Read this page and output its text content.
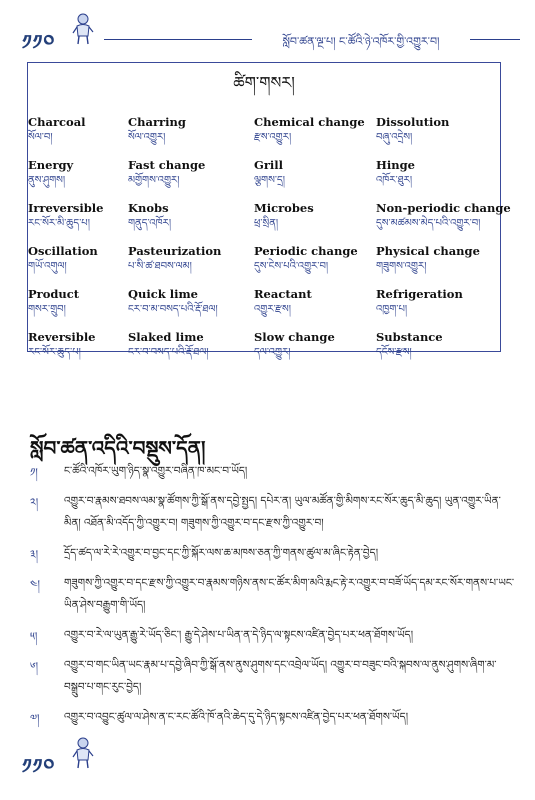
༡༡༠	སློབ་ཚན་ལྔ་པ། ང་ཚོའི་ཉེ་འཁོར་གྱི་འགྱུར་བ།
ཚིག་གསར།
Charcoal
སོལ་བ།
Charring
སོལ་འགྱུར།
Chemical change
རྫས་འགྱུར།
Dissolution
བཞུ་འདྲེས།
Energy
ནུས་ཤུགས།
Fast change
མགྱོགས་འགྱུར།
Grill
ལྕགས་དྲ།
Hinge
འཁོར་ཐུར།
Irreversible
རང་སོར་མི་ཆུད་པ།
Knobs
གནུད་འཁོར།
Microbes
ཕྲ་སྲིན།
Non-periodic change
དུས་མཚམས་མེད་པའི་འགྱུར་བ།
Oscillation
གཡོ་འགུལ།
Pasteurization
པ་སི་ཚ་ཐབས་ལམ།
Periodic change
དུས་ངེས་པའི་འགྱུར་བ།
Physical change
གཟུགས་འགྱུར།
Product
གསར་གྲུབ།
Quick lime
ངར་བ་མ་བསད་པའི་རྡོ་ཐལ།
Reactant
འགྱུར་རྫས།
Refrigeration
འཁྱག་པ།
Reversible
རང་སོར་ཆུད་པ།
Slaked lime
ངར་བ་བསད་པའི་རྡོ་ཐལ།
Slow change
དལ་འགྱུར།
Substance
དངོས་རྫས།
སློབ་ཚན་འདིའི་བསྡུས་དོན།
༡། ང་ཚོའི་འཁོར་ཡུག་ཉིད་སྣ་འགྱུར་བཞིན་ཁ་མང་བ་ཡོད།
༢། འགྱུར་བ་རྣམས་ཐབས་ལམ་སྣ་ཚོགས་ཀྱི་སྒོ་ནས་དབྱེ་སྤྱད། དཔེར་ན། ཡུལ་མཚོན་གྱི་མིགས་རང་སོར་ཆུད་མི་ཆུད། ཡུན་འགྱུར་ཡིན་མིན། འཐོན་མི་འདོད་ཀྱི་འགྱུར་བ། གཟུགས་ཀྱི་འགྱུར་བ་དང་རྫས་ཀྱི་འགྱུར་བ།
༣། དྲོད་ཚད་ལ་རེ་རེ་འགྱུར་བ་བྱང་དང་ཀྱི་སྐོར་ལས་ཆ་མཁས་ཅན་ཀྱི་གནས་ཚུལ་མ་ཞིང་རྟེན་བྱེད།
༤། གཟུགས་ཀྱི་འགྱུར་བ་དང་རྫས་ཀྱི་འགྱུར་བ་རྣམས་གཉིས་ནས་ང་ཚོར་མིག་མའི་རྨང་རྟེ་ར་འགྱུར་བ་བཟོ་ཡོད་དམ་རང་སོར་གནས་པ་ཡང་ཡིན་ཤེས་བརྒྱུག་གི་ཡོད།
༥།	འགྱུར་བ་རེ་ལ་ཡུན་རྒྱུ་རེ་ཡོད་ཅིང་། རྒྱུ་དེ་ཤེས་པ་ཡིན་ན་དེ་ཉིད་ལ་སྟངས་འཛིན་བྱེད་པར་ཕན་ཐོགས་ཡོད།
༦། འགྱུར་བ་གང་ཡིན་ཡང་རྣམ་པ་དབྱེ་ཞིབ་ཀྱི་སྒོ་ནས་ནུས་ཤུགས་དང་འབྲེལ་ཡོད། འགྱུར་བ་བཟུང་བའི་སྐབས་ལ་ནུས་ཤུགས་ཞིག་མ་བསྒྲུབ་པ་གང་རུང་བྱེད།
༧། འགྱུར་བ་འབྱུང་ཚུལ་ལ་ཤེས་ན་ང་རང་ཚོའི་ཁོ་ནའི་ཆེད་དུ་དེ་ཉིད་སྟངས་འཛིན་བྱེད་པར་ཕན་ཐོགས་ཡོད།
༡༡༠
